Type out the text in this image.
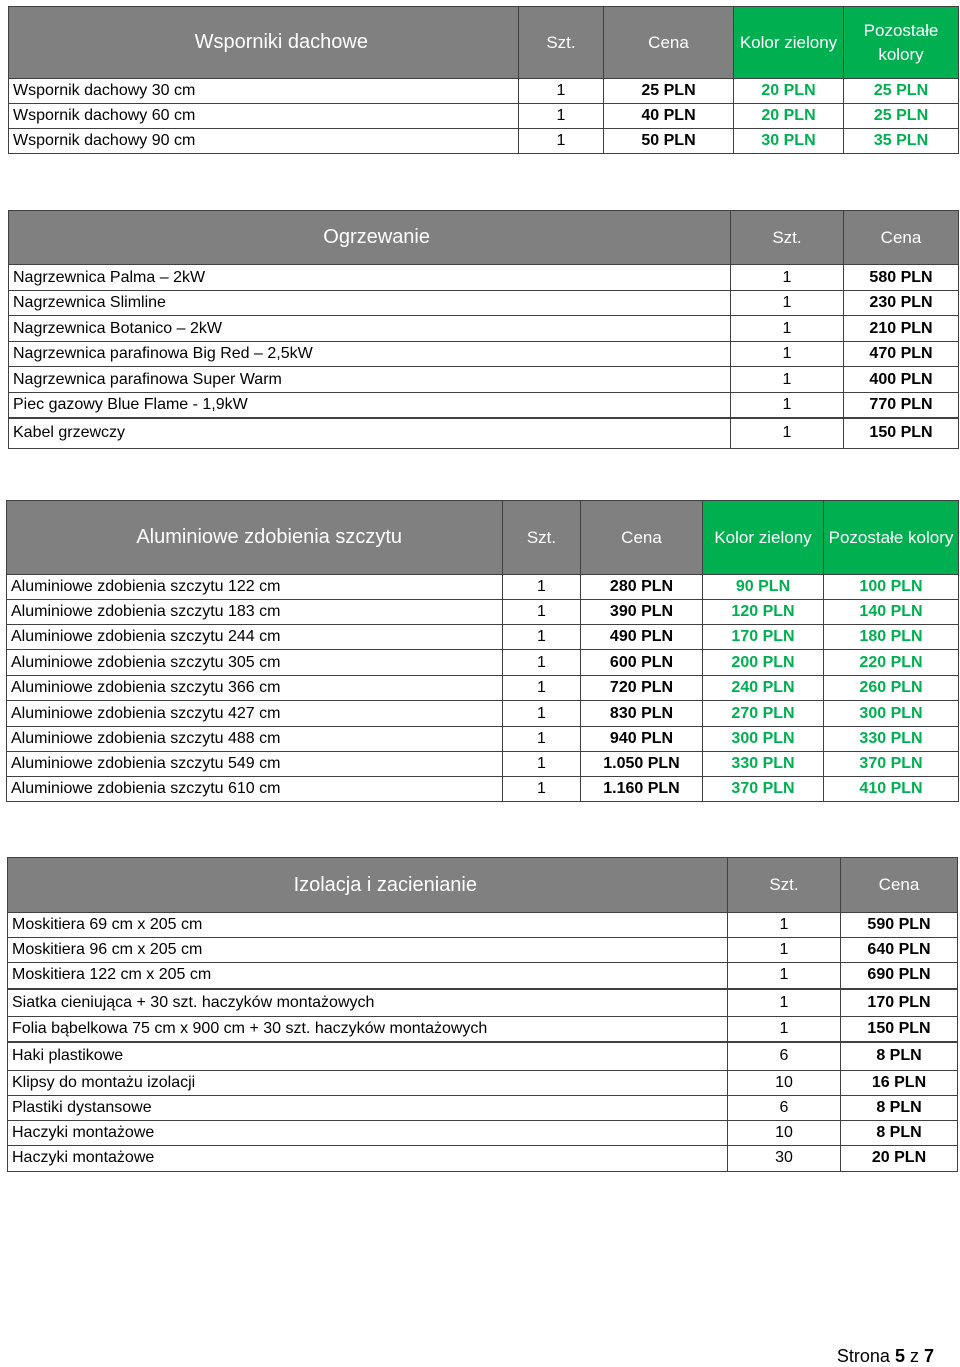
Wsporniki dachowe	Szt.	Cena	Kolor zielony	Pozostałe kolory
Wspornik dachowy 30 cm	1	25 PLN	20 PLN	25 PLN
Wspornik dachowy 60 cm	1	40 PLN	20 PLN	25 PLN
Wspornik dachowy 90 cm	1	50 PLN	30 PLN	35 PLN
Ogrzewanie	Szt.	Cena
Nagrzewnica Palma – 2kW	1	580 PLN
Nagrzewnica Slimline	1	230 PLN
Nagrzewnica Botanico – 2kW	1	210 PLN
Nagrzewnica parafinowa Big Red – 2,5kW	1	470 PLN
Nagrzewnica parafinowa Super Warm	1	400 PLN
Piec gazowy Blue Flame - 1,9kW	1	770 PLN
Kabel grzewczy	1	150 PLN
Aluminiowe zdobienia szczytu	Szt.	Cena	Kolor zielony	Pozostałe kolory
Aluminiowe zdobienia szczytu 122 cm	1	280 PLN	90 PLN	100 PLN
Aluminiowe zdobienia szczytu 183 cm	1	390 PLN	120 PLN	140 PLN
Aluminiowe zdobienia szczytu 244 cm	1	490 PLN	170 PLN	180 PLN
Aluminiowe zdobienia szczytu 305 cm	1	600 PLN	200 PLN	220 PLN
Aluminiowe zdobienia szczytu 366 cm	1	720 PLN	240 PLN	260 PLN
Aluminiowe zdobienia szczytu 427 cm	1	830 PLN	270 PLN	300 PLN
Aluminiowe zdobienia szczytu 488 cm	1	940 PLN	300 PLN	330 PLN
Aluminiowe zdobienia szczytu 549 cm	1	1.050 PLN	330 PLN	370 PLN
Aluminiowe zdobienia szczytu 610 cm	1	1.160 PLN	370 PLN	410 PLN
Izolacja i zacienianie	Szt.	Cena
Moskitiera 69 cm x 205 cm	1	590 PLN
Moskitiera 96 cm x 205 cm	1	640 PLN
Moskitiera 122 cm x 205 cm	1	690 PLN
Siatka cieniująca + 30 szt. haczyków montażowych	1	170 PLN
Folia bąbelkowa 75 cm x 900 cm + 30 szt. haczyków montażowych	1	150 PLN
Haki plastikowe	6	8 PLN
Klipsy do montażu izolacji	10	16 PLN
Plastiki dystansowe	6	8 PLN
Haczyki montażowe	10	8 PLN
Haczyki montażowe	30	20 PLN
Strona 5 z 7
